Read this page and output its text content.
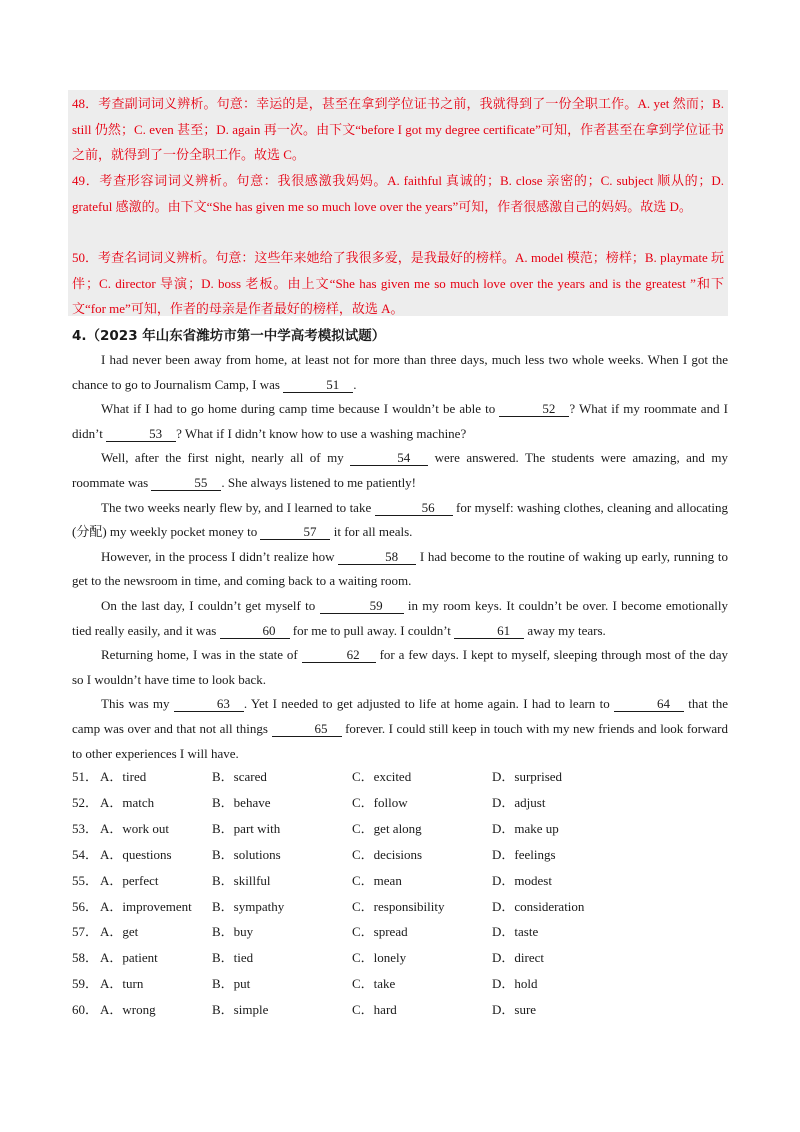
48．考查副词词义辨析。句意：幸运的是，甚至在拿到学位证书之前，我就得到了一份全职工作。A. yet 然而；B. still 仍然；C. even 甚至；D. again 再一次。由下文“before I got my degree certificate”可知，作者甚至在拿到学位证书之前，就得到了一份全职工作。故选 C。
49．考查形容词词义辨析。句意：我很感激我妈妈。A. faithful 真诚的；B. close 亲密的；C. subject 顺从的；D. grateful 感激的。由下文“She has given me so much love over the years”可知，作者很感激自己的妈妈。故选 D。
50．考查名词词义辨析。句意：这些年来她给了我很多爱，是我最好的榜样。A. model 模范；榜样；B. playmate 玩伴；C. director 导演；D. boss 老板。由上文“She has given me so much love over the years and is the greatest ”和下文“for me”可知，作者的母亲是作者最好的榜样，故选 A。
4.（2023 年山东省潍坊市第一中学高考模拟试题）

I had never been away from home, at least not for more than three days, much less two whole weeks. When I got the chance to go to Journalism Camp, I was	51 .

What if I had to go home during camp time because I wouldn’t be able to	52 ? What if my roommate and I didn’t	53 ? What if I didn’t know how to use a washing machine?

Well, after the first night, nearly all of my	54 were answered. The students were amazing, and my roommate was	55 . She always listened to me patiently!

The two weeks nearly flew by, and I learned to take	56 for myself: washing clothes, cleaning and allocating (分配) my weekly pocket money to	57 it for all meals.

However, in the process I didn’t realize how	58 I had become to the routine of waking up early, running to get to the newsroom in time, and coming back to a waiting room.

On the last day, I couldn’t get myself to	59 in my room keys. It couldn’t be over. I become emotionally tied really easily, and it was	60 for me to pull away. I couldn’t	61 away my tears.

Returning home, I was in the state of	62 for a few days. I kept to myself, sleeping through most of the day so I wouldn’t have time to look back.

This was my	63 . Yet I needed to get adjusted to life at home again. I had to learn to	64 that the camp was over and that not all things	65 forever. I could still keep in touch with my new friends and look forward to other experiences I will have.

51． A．tired	B．scared	C．excited	D．surprised
52． A．match	B．behave	C．follow	D．adjust
53． A．work out	B．part with	C．get along	D．make up
54． A．questions	B．solutions	C．decisions	D．feelings
55． A．perfect	B．skillful	C．mean	D．modest
56． A．improvement B．sympathy	C．responsibility	D．consideration
57． A．get	B．buy	C．spread	D．taste
58． A．patient	B．tied	C．lonely	D．direct
59． A．turn	B．put	C．take	D．hold
60． A．wrong	B．simple	C．hard	D．sure
